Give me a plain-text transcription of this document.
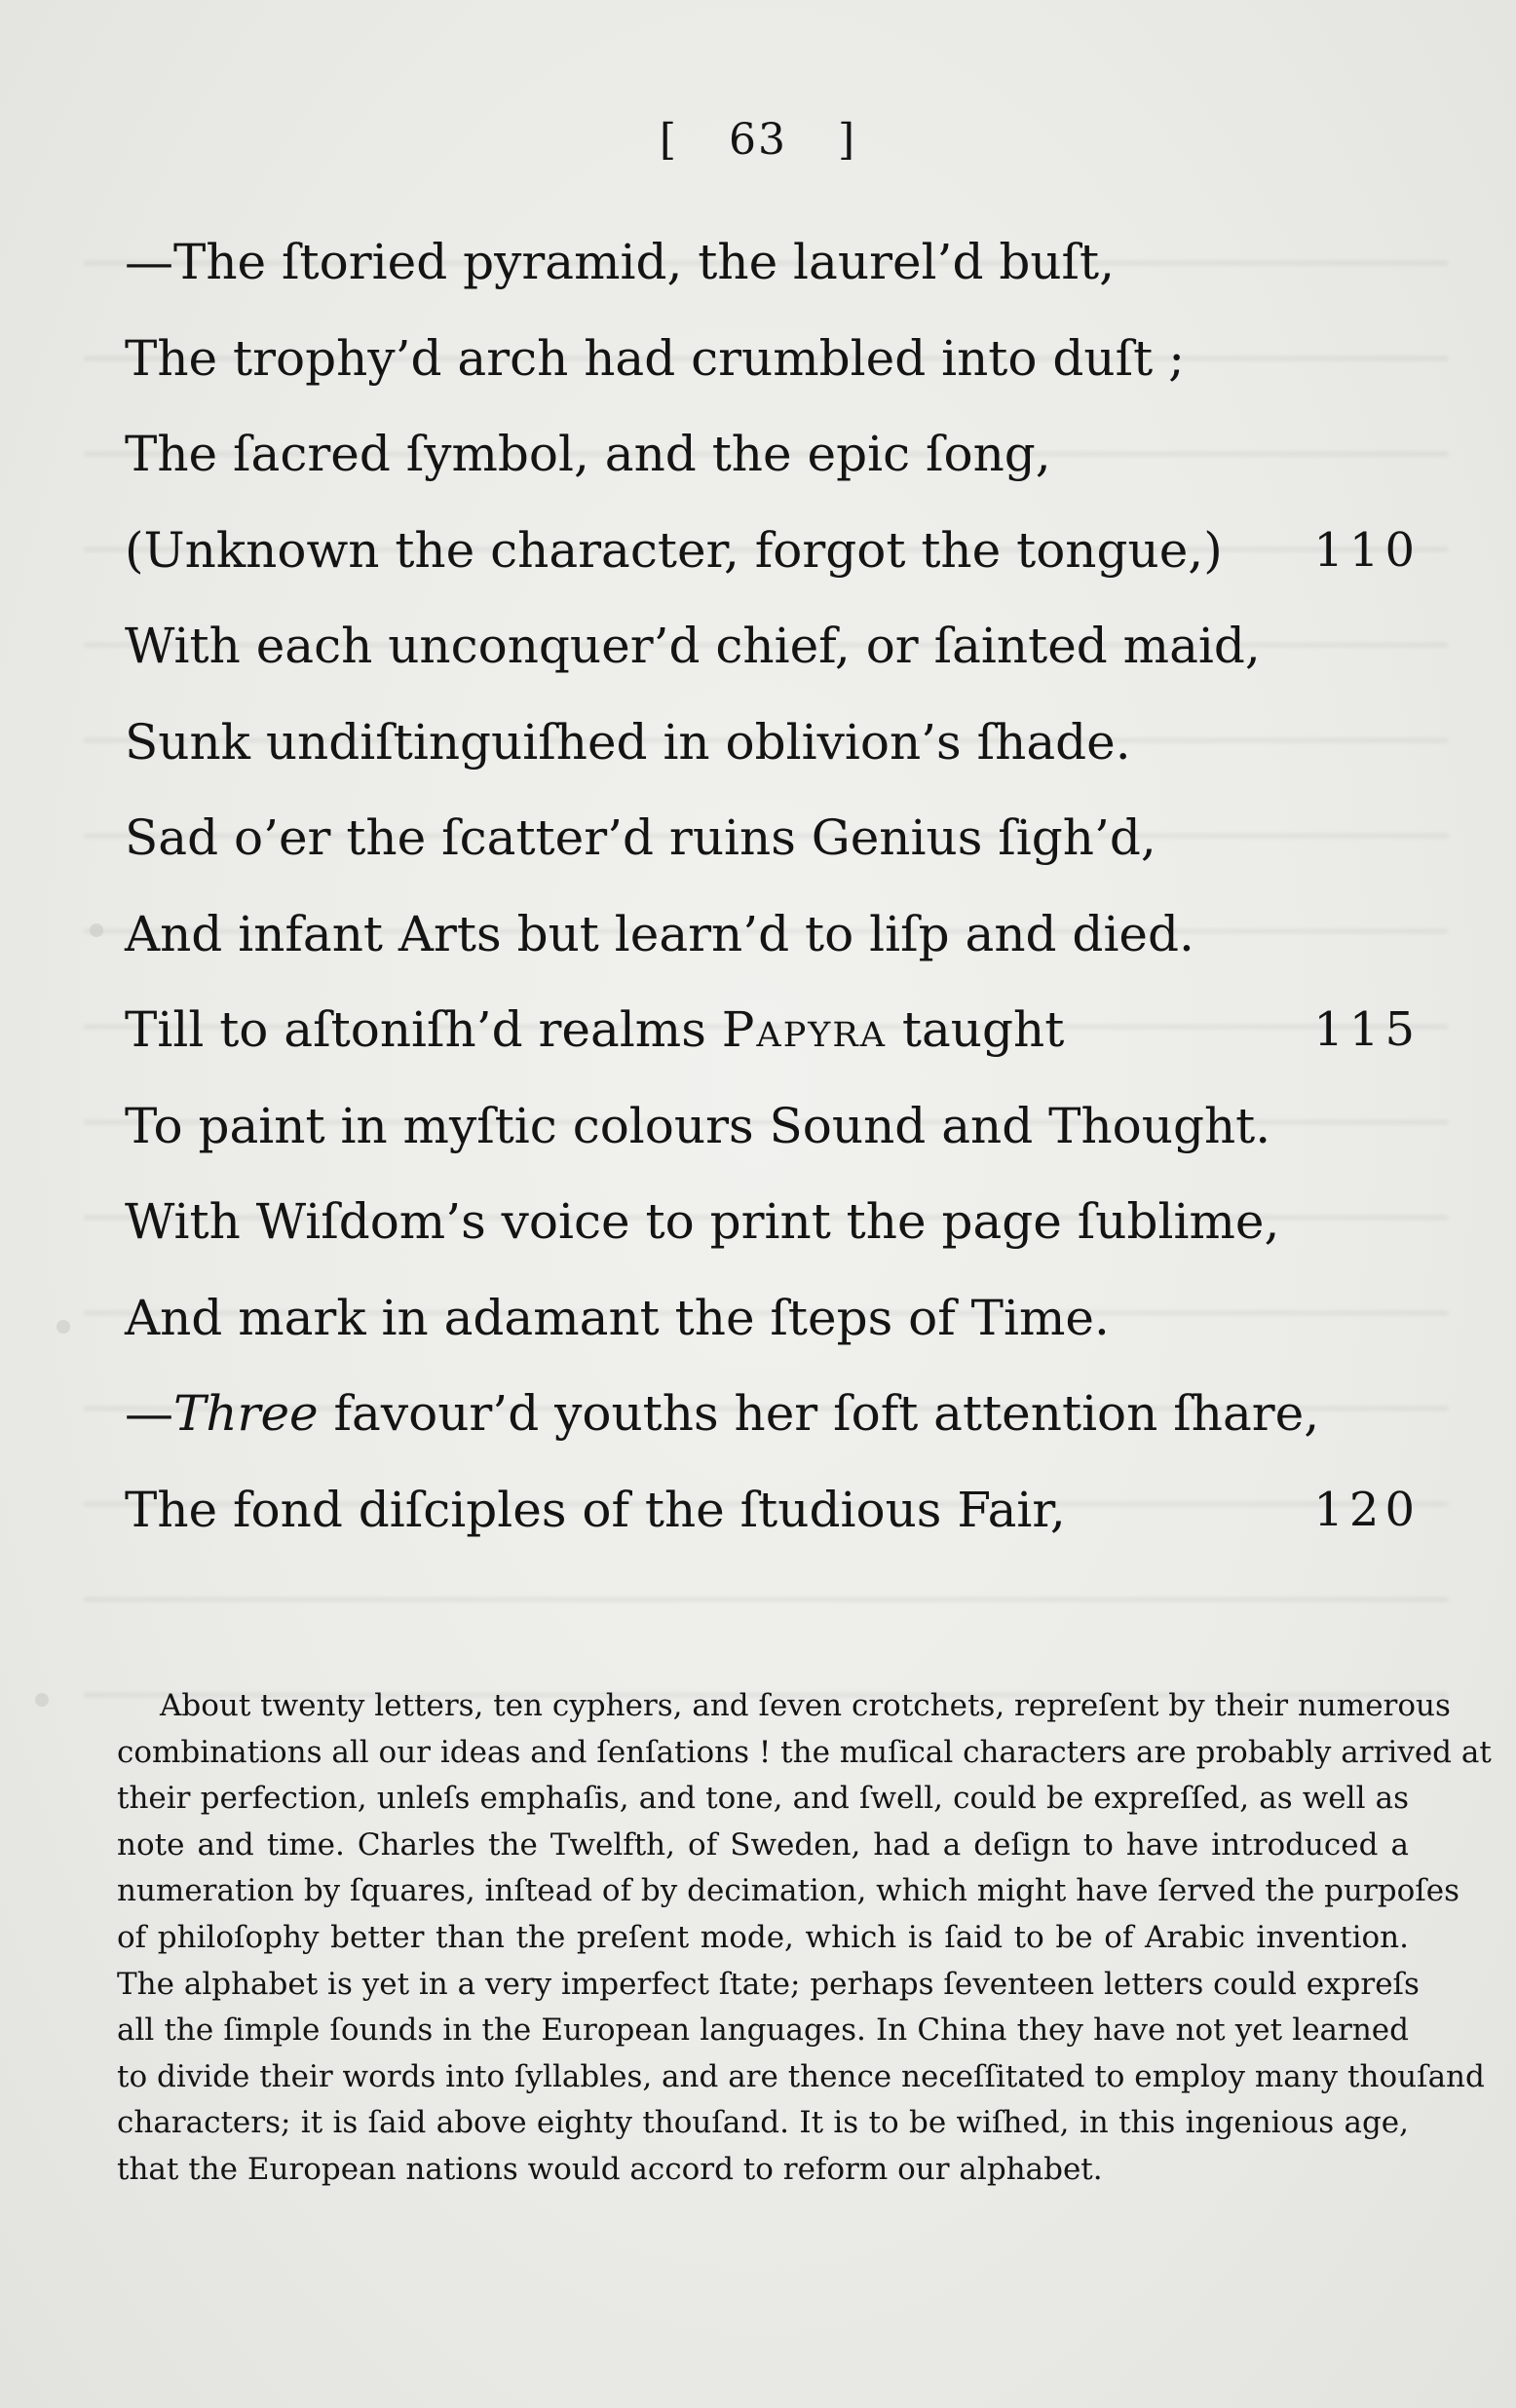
[ 63 ]
—The ſtoried pyramid, the laurel’d buſt,
The trophy’d arch had crumbled into duſt ;
The ſacred ſymbol, and the epic ſong,
(Unknown the character, forgot the tongue,) 110
With each unconquer’d chief, or ſainted maid,
Sunk undiſtinguiſhed in oblivion’s ſhade.
Sad o’er the ſcatter’d ruins Genius ſigh’d,
And infant Arts but learn’d to liſp and died.
Till to aſtoniſh’d realms Papyra taught	115
To paint in myſtic colours Sound and Thought.
With Wiſdom’s voice to print the page ſublime,
And mark in adamant the ſteps of Time.
—Three favour’d youths her ſoft attention ſhare,
The fond diſciples of the ſtudious Fair,	120
About twenty letters, ten cyphers, and ſeven crotchets, repreſent by their numerous
combinations all our ideas and ſenſations ! the muſical characters are probably arrived at
their perfection, unleſs emphaſis, and tone, and ſwell, could be expreſſed, as well as
note and time. Charles the Twelfth, of Sweden, had a deſign to have introduced a
numeration by ſquares, inſtead of by decimation, which might have ſerved the purpoſes
of philoſophy better than the preſent mode, which is ſaid to be of Arabic invention.
The alphabet is yet in a very imperfect ſtate; perhaps ſeventeen letters could expreſs
all the ſimple ſounds in the European languages. In China they have not yet learned
to divide their words into ſyllables, and are thence neceſſitated to employ many thouſand
characters; it is ſaid above eighty thouſand. It is to be wiſhed, in this ingenious age,
that the European nations would accord to reform our alphabet.
